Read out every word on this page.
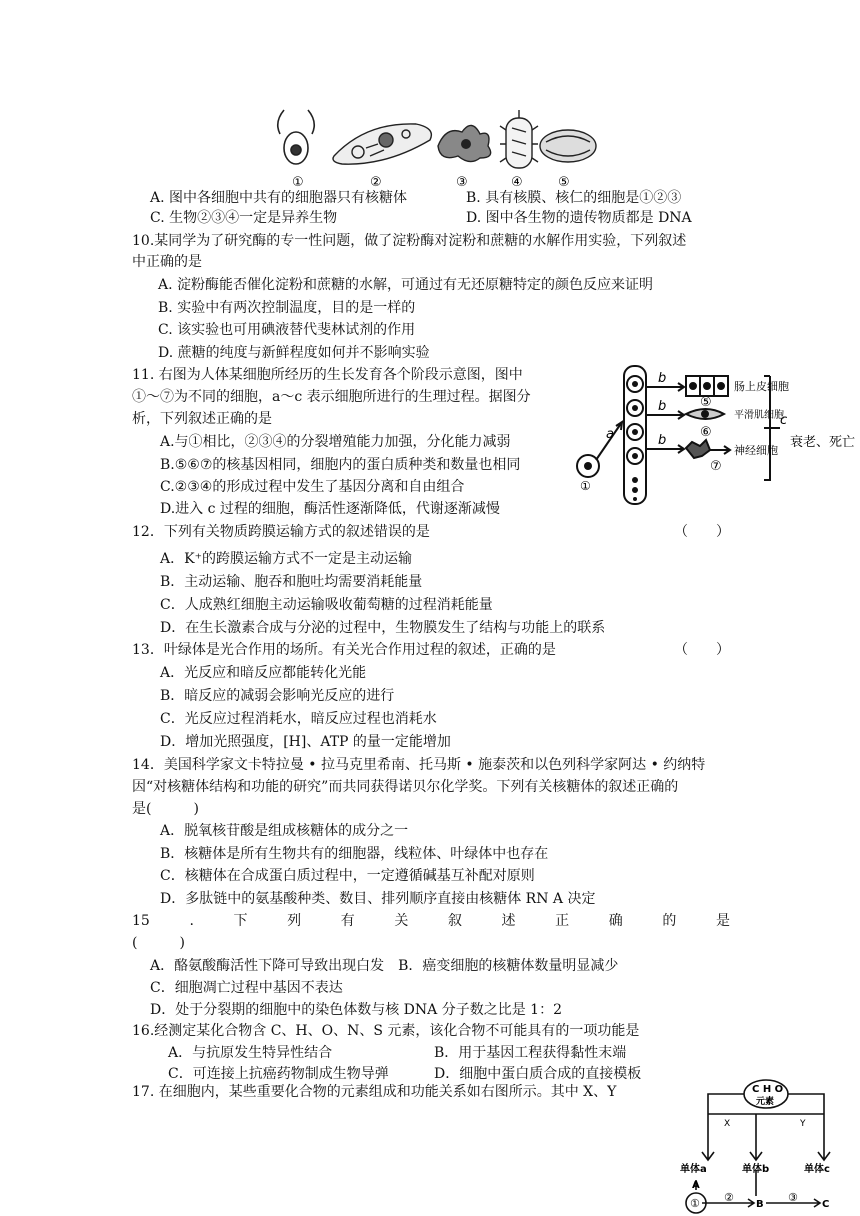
①	②	③	④	⑤
A. 图中各细胞中共有的细胞器只有核糖体	B. 具有核膜、核仁的细胞是①②③
C. 生物②③④一定是异养生物	D. 图中各生物的遗传物质都是 DNA
10.某同学为了研究酶的专一性问题，做了淀粉酶对淀粉和蔗糖的水解作用实验，下列叙述
中正确的是
A. 淀粉酶能否催化淀粉和蔗糖的水解，可通过有无还原糖特定的颜色反应来证明
B. 实验中有两次控制温度，目的是一样的
C. 该实验也可用碘液替代斐林试剂的作用
D. 蔗糖的纯度与新鲜程度如何并不影响实验
11. 右图为人体某细胞所经历的生长发育各个阶段示意图，图中
①～⑦为不同的细胞，a～c 表示细胞所进行的生理过程。据图分
析，下列叙述正确的是
A.与①相比，②③④的分裂增殖能力加强，分化能力减弱
B.⑤⑥⑦的核基因相同，细胞内的蛋白质种类和数量也相同
C.②③④的形成过程中发生了基因分离和自由组合
D.进入 c 过程的细胞，酶活性逐渐降低，代谢逐渐减慢
a
b
b
b
c
肠上皮细胞
平滑肌细胞
神经细胞
⑥
⑤
⑦
①
衰老、死亡
12．下列有关物质跨膜运输方式的叙述错误的是	（　　）
A．K⁺的跨膜运输方式不一定是主动运输
B．主动运输、胞吞和胞吐均需要消耗能量
C．人成熟红细胞主动运输吸收葡萄糖的过程消耗能量
D．在生长激素合成与分泌的过程中，生物膜发生了结构与功能上的联系
13．叶绿体是光合作用的场所。有关光合作用过程的叙述，正确的是	（　　）
A．光反应和暗反应都能转化光能
B．暗反应的减弱会影响光反应的进行
C．光反应过程消耗水，暗反应过程也消耗水
D．增加光照强度，[H]、ATP 的量一定能增加
14．美国科学家文卡特拉曼 • 拉马克里希南、托马斯 • 施泰茨和以色列科学家阿达 • 约纳特
因“对核糖体结构和功能的研究”而共同获得诺贝尔化学奖。下列有关核糖体的叙述正确的
是(　　　)
A．脱氧核苷酸是组成核糖体的成分之一
B．核糖体是所有生物共有的细胞器，线粒体、叶绿体中也存在
C．核糖体在合成蛋白质过程中，一定遵循碱基互补配对原则
D．多肽链中的氨基酸种类、数目、排列顺序直接由核糖体 RN A 决定
15	.	下	列	有	关	叙	述	正	确	的	是
(　　　)
A．酪氨酸酶活性下降可导致出现白发　B．癌变细胞的核糖体数量明显减少
C．细胞凋亡过程中基因不表达
D．处于分裂期的细胞中的染色体数与核 DNA 分子数之比是 1：2
16.经测定某化合物含 C、H、O、N、S 元素，该化合物不可能具有的一项功能是
A．与抗原发生特异性结合	B．用于基因工程获得黏性末端
C．可连接上抗癌药物制成生物导弹	D．细胞中蛋白质合成的直接模板
17. 在细胞内，某些重要化合物的元素组成和功能关系如右图所示。其中 X、Y	C H O
元素
X	Y
单体a	单体b	单体c
A
B	C
① ②	③
